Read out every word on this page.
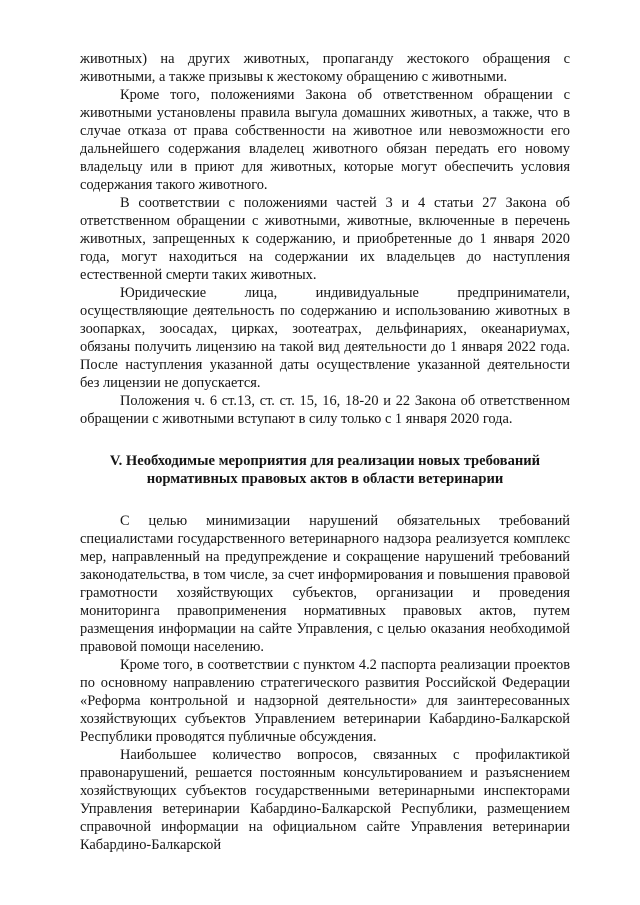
животных) на других животных, пропаганду жестокого обращения с животными, а также призывы к жестокому обращению с животными.

Кроме того, положениями Закона об ответственном обращении с животными установлены правила выгула домашних животных, а также, что в случае отказа от права собственности на животное или невозможности его дальнейшего содержания владелец животного обязан передать его новому владельцу или в приют для животных, которые могут обеспечить условия содержания такого животного.

В соответствии с положениями частей 3 и 4 статьи 27 Закона об ответственном обращении с животными, животные, включенные в перечень животных, запрещенных к содержанию, и приобретенные до 1 января 2020 года, могут находиться на содержании их владельцев до наступления естественной смерти таких животных.

Юридические лица, индивидуальные предприниматели, осуществляющие деятельность по содержанию и использованию животных в зоопарках, зоосадах, цирках, зоотеатрах, дельфинариях, океанариумах, обязаны получить лицензию на такой вид деятельности до 1 января 2022 года. После наступления указанной даты осуществление указанной деятельности без лицензии не допускается.

Положения ч. 6 ст.13, ст. ст. 15, 16, 18-20 и 22 Закона об ответственном обращении с животными вступают в силу только с 1 января 2020 года.

V. Необходимые мероприятия для реализации новых требований нормативных правовых актов в области ветеринарии

С целью минимизации нарушений обязательных требований специалистами государственного ветеринарного надзора реализуется комплекс мер, направленный на предупреждение и сокращение нарушений требований законодательства, в том числе, за счет информирования и повышения правовой грамотности хозяйствующих субъектов, организации и проведения мониторинга правоприменения нормативных правовых актов, путем размещения информации на сайте Управления, с целью оказания необходимой правовой помощи населению.

Кроме того, в соответствии с пунктом 4.2 паспорта реализации проектов по основному направлению стратегического развития Российской Федерации «Реформа контрольной и надзорной деятельности» для заинтересованных хозяйствующих субъектов Управлением ветеринарии Кабардино-Балкарской Республики проводятся публичные обсуждения.

Наибольшее количество вопросов, связанных с профилактикой правонарушений, решается постоянным консультированием и разъяснением хозяйствующих субъектов государственными ветеринарными инспекторами Управления ветеринарии Кабардино-Балкарской Республики, размещением справочной информации на официальном сайте Управления ветеринарии Кабардино-Балкарской
